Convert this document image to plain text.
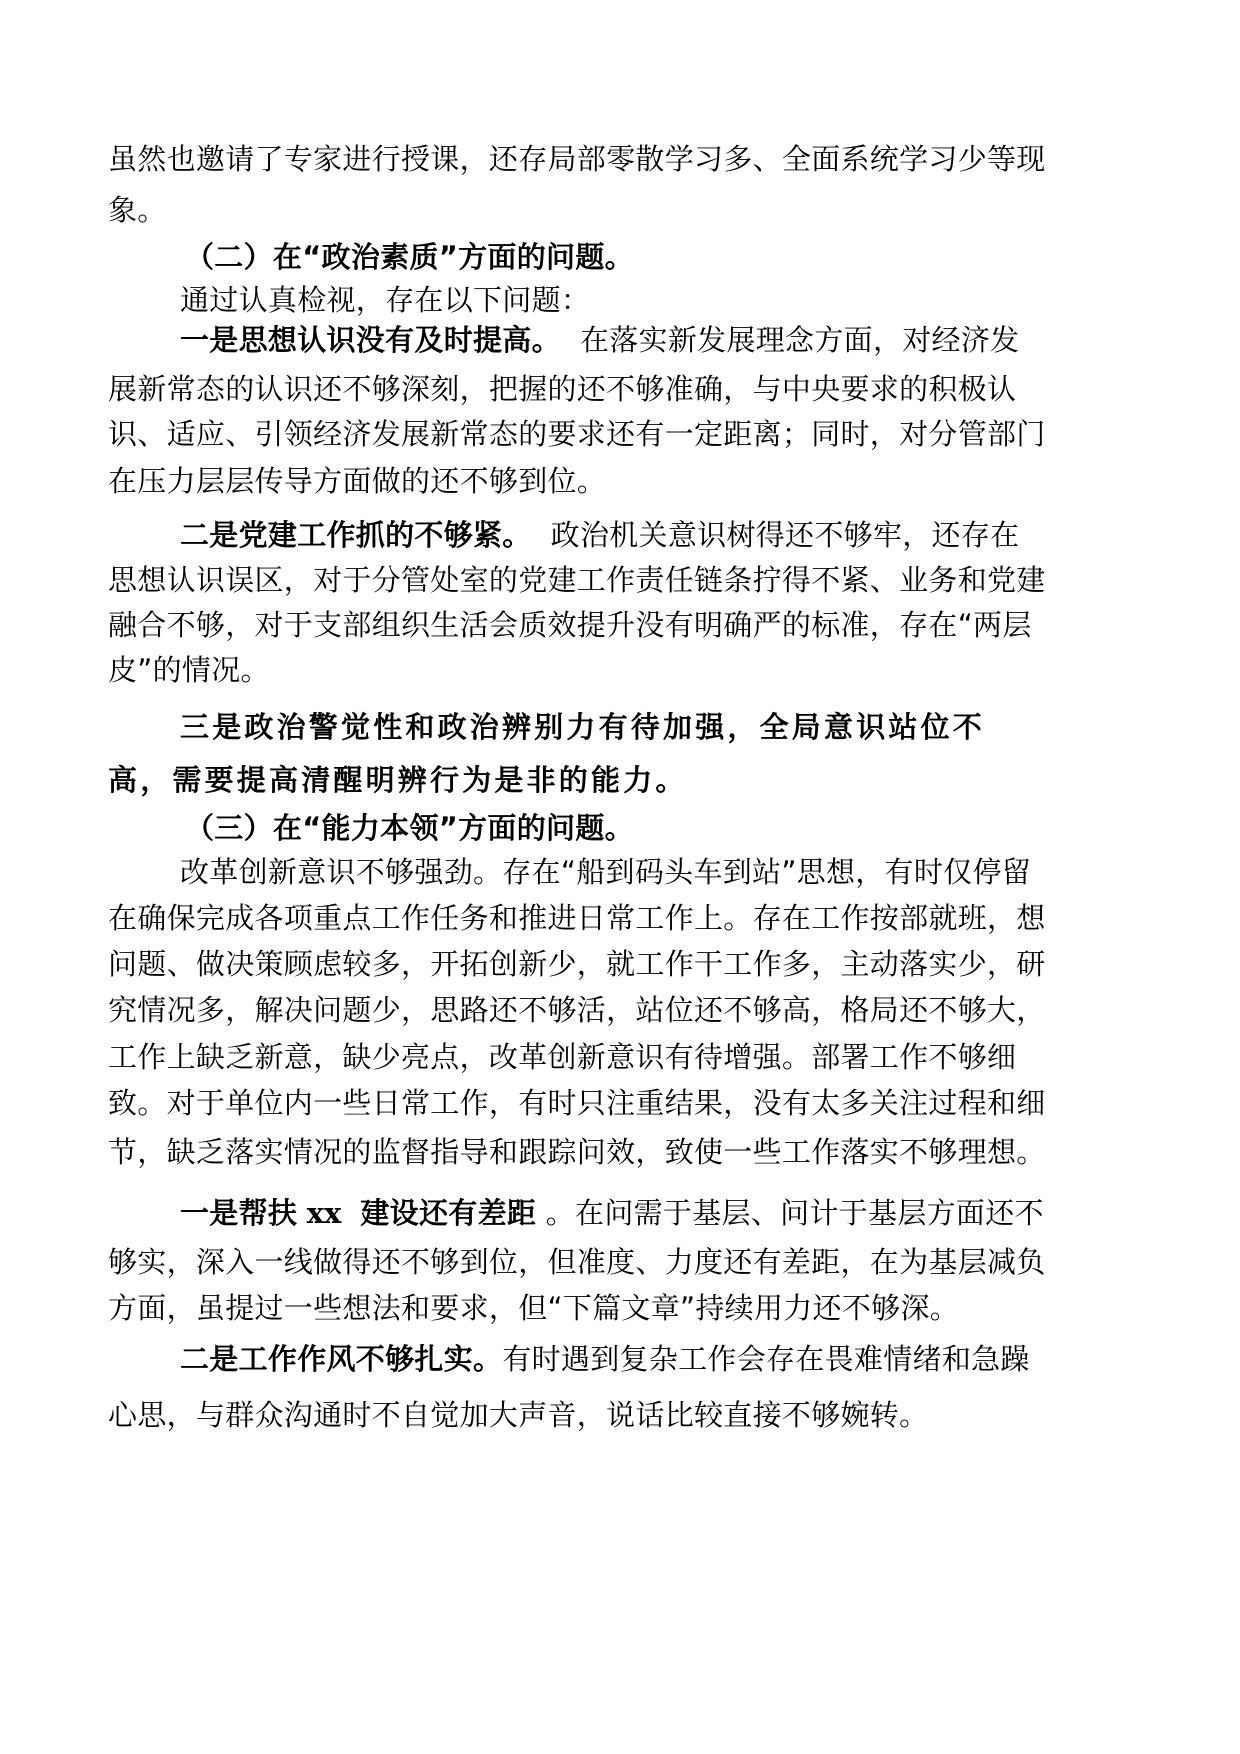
虽然也邀请了专家进行授课，还存局部零散学习多、全面系统学习少等现
象。
（二）在“政治素质”方面的问题。
通过认真检视，存在以下问题：
一是思想认识没有及时提高。 在落实新发展理念方面，对经济发
展新常态的认识还不够深刻，把握的还不够准确，与中央要求的积极认
识、适应、引领经济发展新常态的要求还有一定距离；同时，对分管部门
在压力层层传导方面做的还不够到位。
二是党建工作抓的不够紧。 政治机关意识树得还不够牢，还存在
思想认识误区，对于分管处室的党建工作责任链条拧得不紧、业务和党建
融合不够，对于支部组织生活会质效提升没有明确严的标准，存在“两层
皮”的情况。
三是政治警觉性和政治辨别力有待加强，全局意识站位不
高，需要提高清醒明辨行为是非的能力。
（三）在“能力本领”方面的问题。
改革创新意识不够强劲。存在“船到码头车到站”思想，有时仅停留
在确保完成各项重点工作任务和推进日常工作上。存在工作按部就班，想
问题、做决策顾虑较多，开拓创新少，就工作干工作多，主动落实少，研
究情况多，解决问题少，思路还不够活，站位还不够高，格局还不够大，
工作上缺乏新意，缺少亮点，改革创新意识有待增强。部署工作不够细
致。对于单位内一些日常工作，有时只注重结果，没有太多关注过程和细
节，缺乏落实情况的监督指导和跟踪问效，致使一些工作落实不够理想。
一是帮扶 xx 建设还有差距 。在问需于基层、问计于基层方面还不
够实，深入一线做得还不够到位，但准度、力度还有差距，在为基层减负
方面，虽提过一些想法和要求，但“下篇文章”持续用力还不够深。
二是工作作风不够扎实。有时遇到复杂工作会存在畏难情绪和急躁
心思，与群众沟通时不自觉加大声音，说话比较直接不够婉转。
